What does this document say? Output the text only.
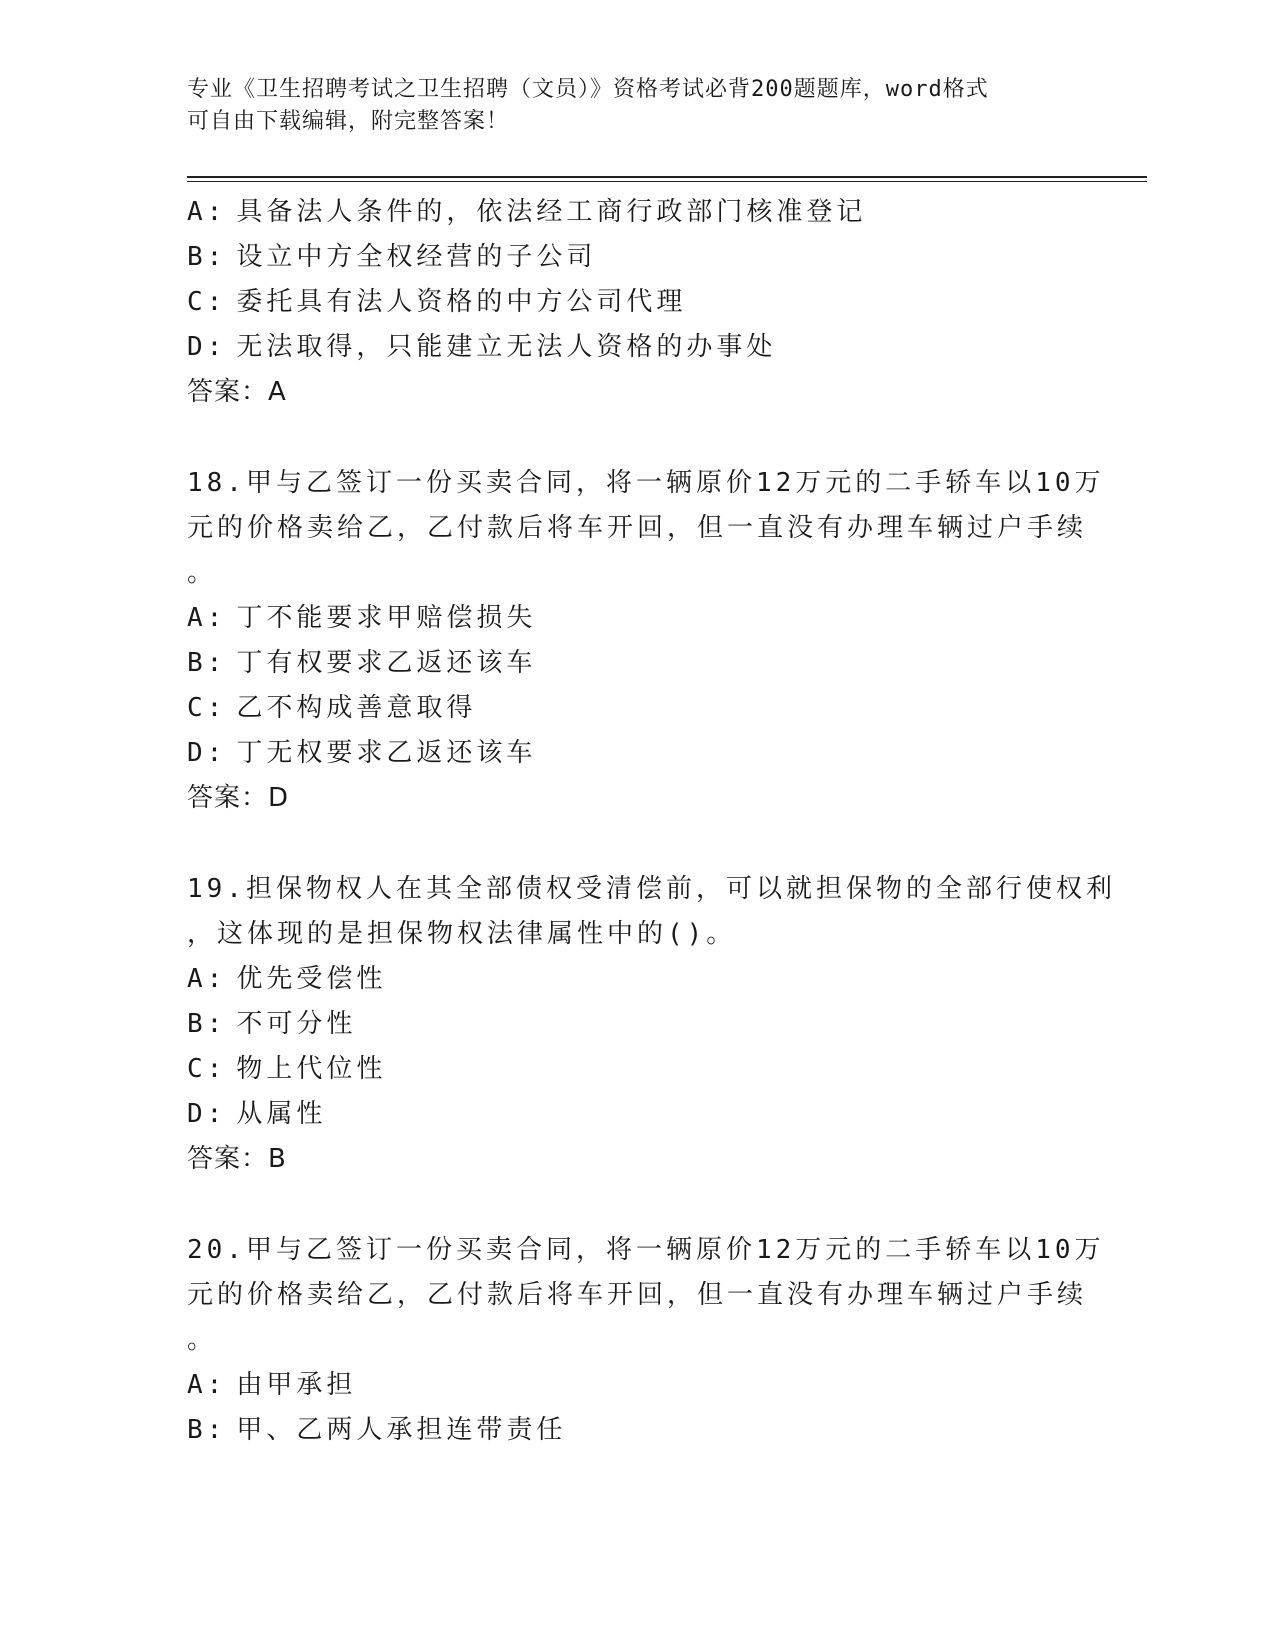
专业《卫生招聘考试之卫生招聘（文员）》资格考试必背200题题库，word格式
可自由下载编辑，附完整答案！
A: 具备法人条件的，依法经工商行政部门核准登记
B: 设立中方全权经营的子公司
C: 委托具有法人资格的中方公司代理
D: 无法取得，只能建立无法人资格的办事处
答案：A
18.甲与乙签订一份买卖合同，将一辆原价12万元的二手轿车以10万
元的价格卖给乙，乙付款后将车开回，但一直没有办理车辆过户手续
。
A: 丁不能要求甲赔偿损失
B: 丁有权要求乙返还该车
C: 乙不构成善意取得
D: 丁无权要求乙返还该车
答案：D
19.担保物权人在其全部债权受清偿前，可以就担保物的全部行使权利
，这体现的是担保物权法律属性中的()。
A: 优先受偿性
B: 不可分性
C: 物上代位性
D: 从属性
答案：B
20.甲与乙签订一份买卖合同，将一辆原价12万元的二手轿车以10万
元的价格卖给乙，乙付款后将车开回，但一直没有办理车辆过户手续
。
A: 由甲承担
B: 甲、乙两人承担连带责任
